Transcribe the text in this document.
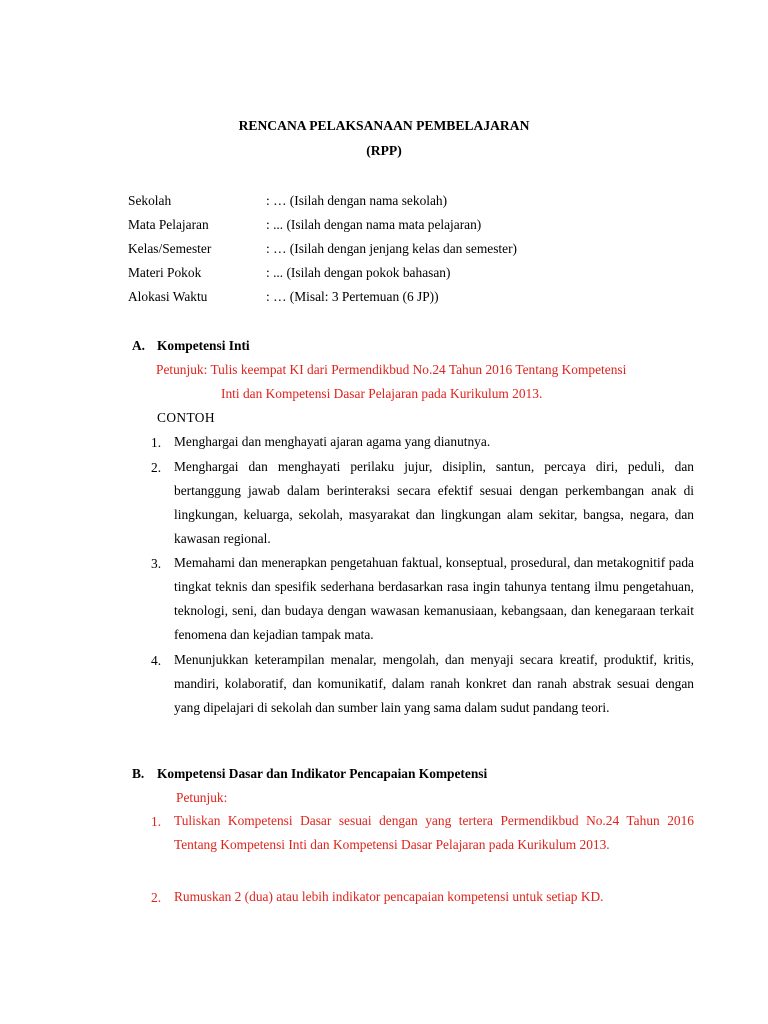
RENCANA PELAKSANAAN PEMBELAJARAN
(RPP)
Sekolah	: … (Isilah dengan nama sekolah)
Mata Pelajaran	: ... (Isilah dengan nama mata pelajaran)
Kelas/Semester	: … (Isilah dengan jenjang kelas dan semester)
Materi Pokok	: ... (Isilah dengan pokok bahasan)
Alokasi Waktu	: … (Misal: 3 Pertemuan (6 JP))
A. Kompetensi Inti
Petunjuk: Tulis keempat KI dari Permendikbud No.24 Tahun 2016 Tentang Kompetensi
Inti dan Kompetensi Dasar Pelajaran pada Kurikulum 2013.
CONTOH
1. Menghargai dan menghayati ajaran agama yang dianutnya.
2. Menghargai dan menghayati perilaku jujur, disiplin, santun, percaya diri, peduli, dan bertanggung jawab dalam berinteraksi secara efektif sesuai dengan perkembangan anak di lingkungan, keluarga, sekolah, masyarakat dan lingkungan alam sekitar, bangsa, negara, dan kawasan regional.
3. Memahami dan menerapkan pengetahuan faktual, konseptual, prosedural, dan metakognitif pada tingkat teknis dan spesifik sederhana berdasarkan rasa ingin tahunya tentang ilmu pengetahuan, teknologi, seni, dan budaya dengan wawasan kemanusiaan, kebangsaan, dan kenegaraan terkait fenomena dan kejadian tampak mata.
4. Menunjukkan keterampilan menalar, mengolah, dan menyaji secara kreatif, produktif, kritis, mandiri, kolaboratif, dan komunikatif, dalam ranah konkret dan ranah abstrak sesuai dengan yang dipelajari di sekolah dan sumber lain yang sama dalam sudut pandang teori.
B. Kompetensi Dasar dan Indikator Pencapaian Kompetensi
Petunjuk:
1. Tuliskan Kompetensi Dasar sesuai dengan yang tertera Permendikbud No.24 Tahun 2016 Tentang Kompetensi Inti dan Kompetensi Dasar Pelajaran pada Kurikulum 2013.
2. Rumuskan 2 (dua) atau lebih indikator pencapaian kompetensi untuk setiap KD.
